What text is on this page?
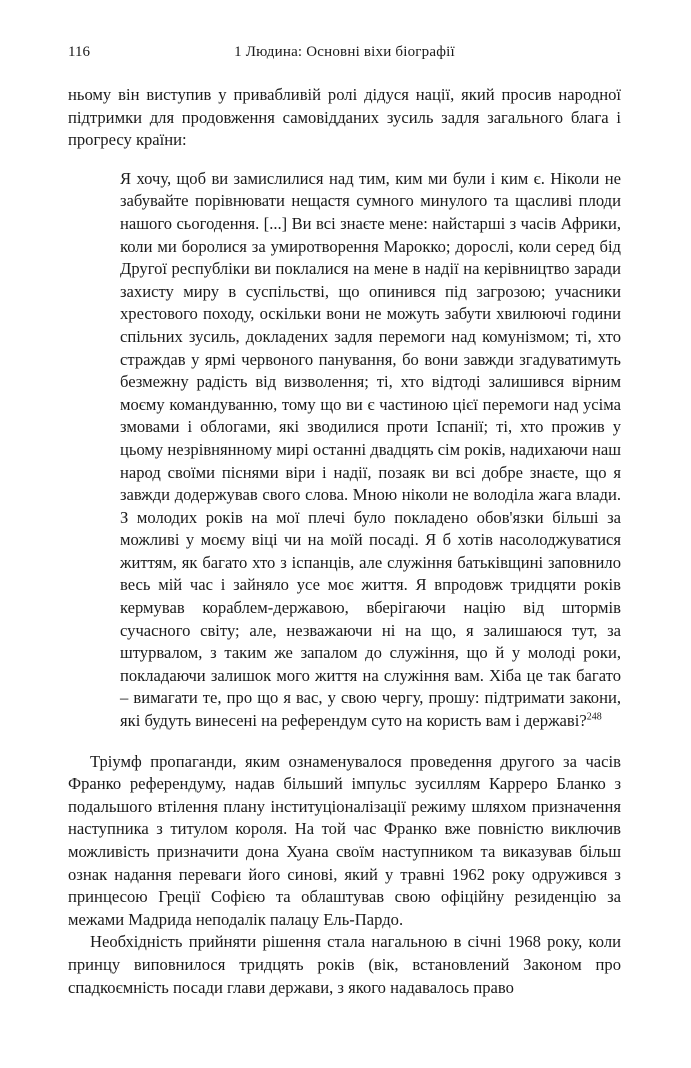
116	1 Людина: Основні віхи біографії

ньому він виступив у привабливій ролі дідуся нації, який просив народної підтримки для продовження самовідданих зусиль задля загального блага і прогресу країни:

Я хочу, щоб ви замислилися над тим, ким ми були і ким є. Ніколи не забувайте порівнювати нещастя сумного минулого та щасливі плоди нашого сьогодення. [...] Ви всі знаєте мене: найстарші з часів Африки, коли ми боролися за умиротворення Марокко; дорослі, коли серед бід Другої республіки ви поклалися на мене в надії на керівництво заради захисту миру в суспільстві, що опинився під загрозою; учасники хрестового походу, оскільки вони не можуть забути хвилюючі години спільних зусиль, докладених задля перемоги над комунізмом; ті, хто страждав у ярмі червоного панування, бо вони завжди згадуватимуть безмежну радість від визволення; ті, хто відтоді залишився вірним моєму командуванню, тому що ви є частиною цієї перемоги над усіма змовами і облогами, які зводилися проти Іспанії; ті, хто прожив у цьому незрівнянному мирі останні двадцять сім років, надихаючи наш народ своїми піснями віри і надії, позаяк ви всі добре знаєте, що я завжди додержував свого слова. Мною ніколи не володіла жага влади. З молодих років на мої плечі було покладено обов'язки більші за можливі у моєму віці чи на моїй посаді. Я б хотів насолоджуватися життям, як багато хто з іспанців, але служіння батьківщині заповнило весь мій час і зайняло усе моє життя. Я впродовж тридцяти років кермував кораблем-державою, вберігаючи націю від штормів сучасного світу; але, незважаючи ні на що, я залишаюся тут, за штурвалом, з таким же запалом до служіння, що й у молоді роки, покладаючи залишок мого життя на служіння вам. Хіба це так багато – вимагати те, про що я вас, у свою чергу, прошу: підтримати закони, які будуть винесені на референдум суто на користь вам і державі?$^{248}$

Тріумф пропаганди, яким ознаменувалося проведення другого за часів Франко референдуму, надав більший імпульс зусиллям Карреро Бланко з подальшого втілення плану інституціоналізації режиму шляхом призначення наступника з титулом короля. На той час Франко вже повністю виключив можливість призначити дона Хуана своїм наступником та виказував більш ознак надання переваги його синові, який у травні 1962 року одружився з принцесою Греції Софією та облаштував свою офіційну резиденцію за межами Мадрида неподалік палацу Ель-Пардо.

Необхідність прийняти рішення стала нагальною в січні 1968 року, коли принцу виповнилося тридцять років (вік, встановлений Законом про спадкоємність посади глави держави, з якого надавалось право
